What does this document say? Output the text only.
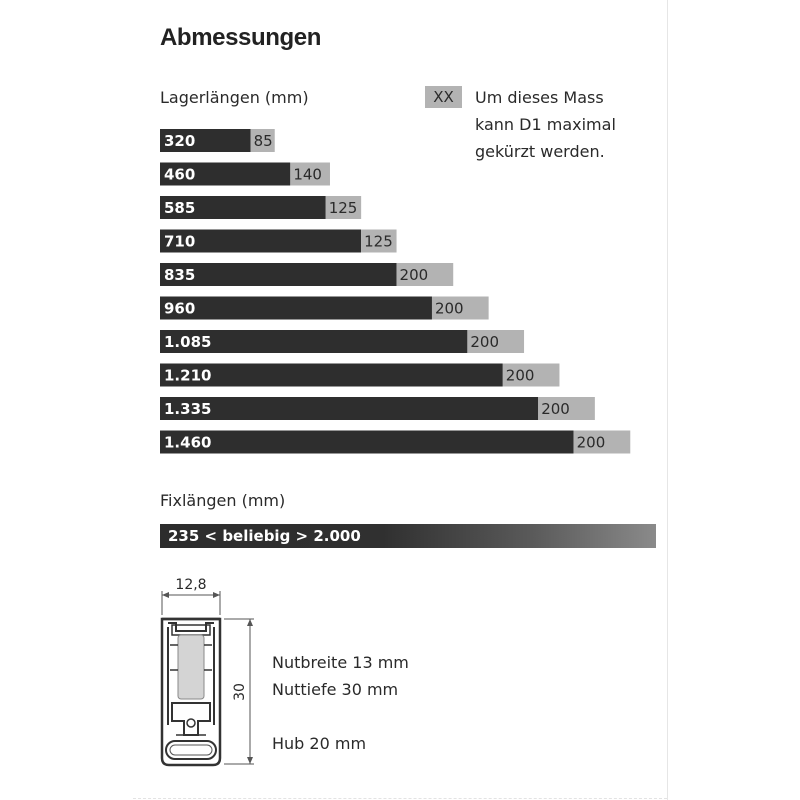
Abmessungen
Lagerlängen (mm)	XX	Um dieses Mass
kann D1 maximal
gekürzt werden.
320	85
460	140
585	125
710	125
835	200
960	200
1.085	200
1.210	200
1.335	200
1.460	200
Fixlängen (mm)
235 < beliebig > 2.000
12,8
30
Nutbreite 13 mm
Nuttiefe 30 mm
Hub 20 mm
